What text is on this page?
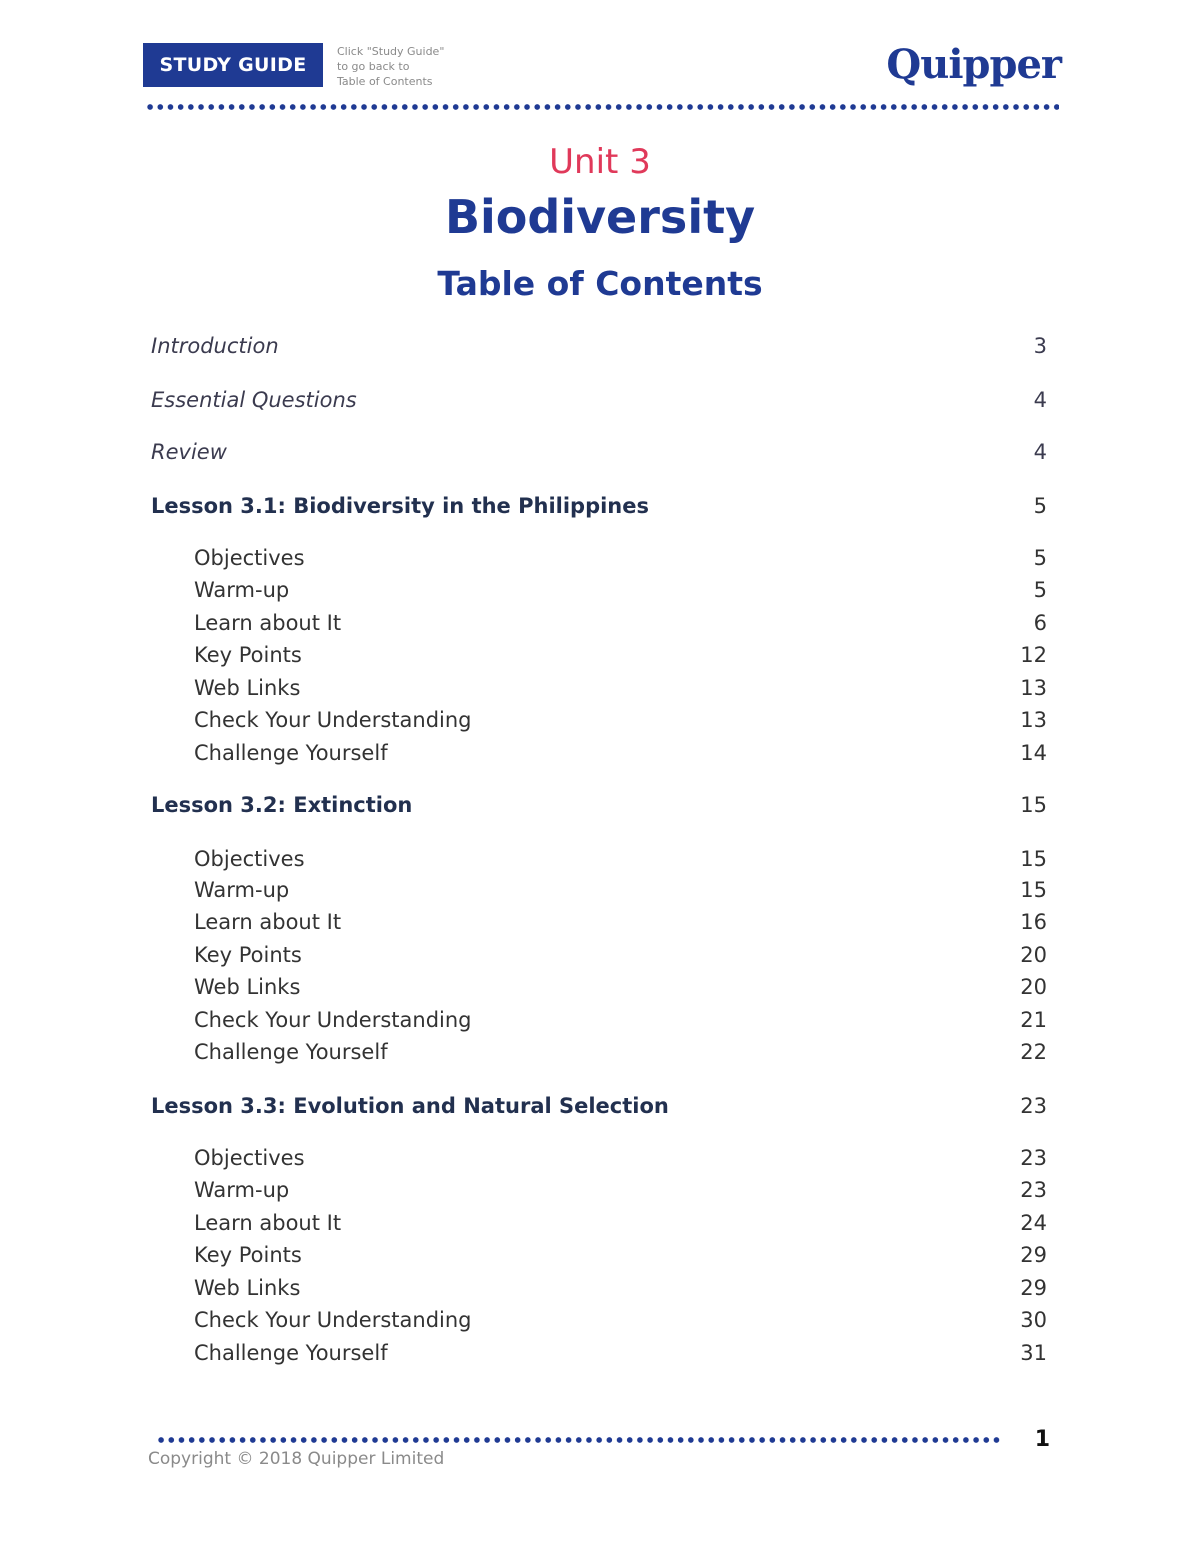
STUDY GUIDE
Click "Study Guide"
to go back to
Table of Contents	Quipper
Unit 3
Biodiversity
Table of Contents
Introduction	3
Essential Questions	4
Review	4
Lesson 3.1: Biodiversity in the Philippines	5
Objectives	5
Warm-up	5
Learn about It	6
Key Points	12
Web Links	13
Check Your Understanding	13
Challenge Yourself	14
Lesson 3.2: Extinction	15
Objectives	15
Warm-up	15
Learn about It	16
Key Points	20
Web Links	20
Check Your Understanding	21
Challenge Yourself	22
Lesson 3.3: Evolution and Natural Selection	23
Objectives	23
Warm-up	23
Learn about It	24
Key Points	29
Web Links	29
Check Your Understanding	30
Challenge Yourself	31
1
Copyright © 2018 Quipper Limited
